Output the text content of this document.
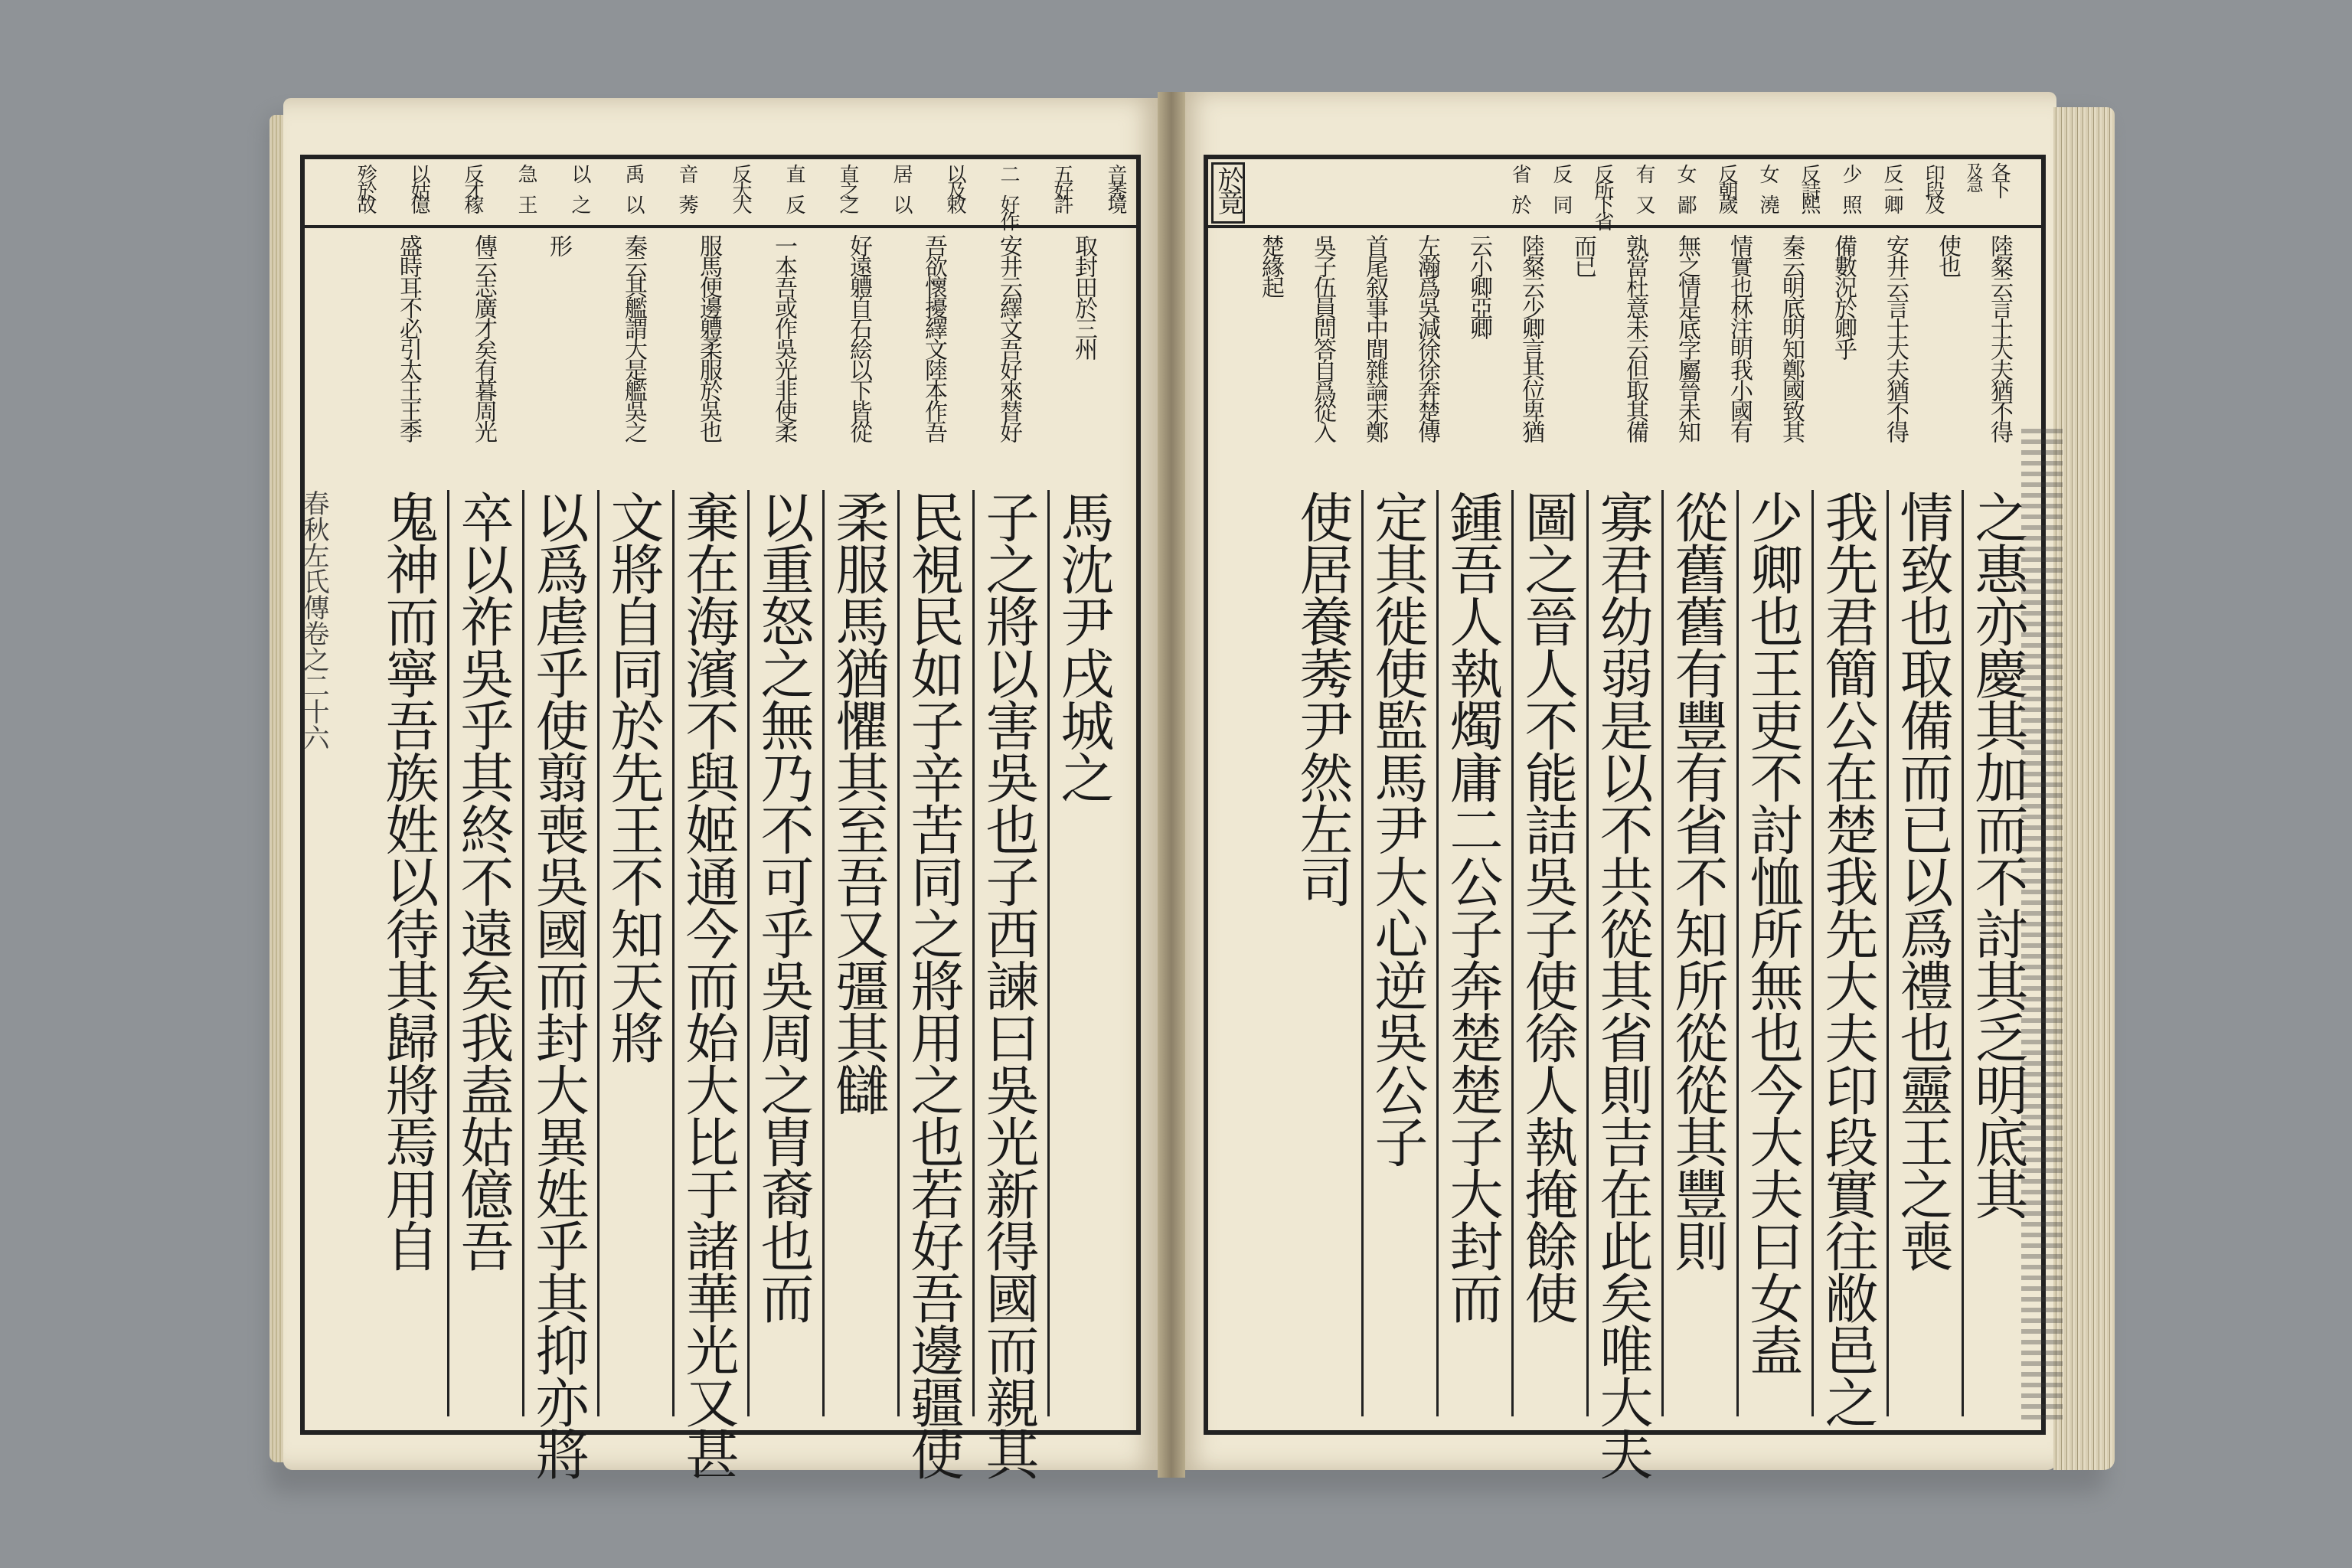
音莠
五好
二
以及
居
直之
直
反大
音
禹
以
急
反才
以姑
殄於
境
許
好作
敕
以
之
反
大
莠
以
之
王
稼
億
故
取封田於三州
安井云繹文吾好來替好
吾欲懷擾繹文陸本作吾
好遠軆自石絵以下皆從
一本吾或作吳光非使柔
服馬便邊軆柔服於吳也
秦云其艦謂大是艦吳之
形
傳云志廣才矣有暮周光
盛時耳不必引太王王季
馬沈尹戌城之
子之將以害吳也子西諫曰吳光新得國而親其
民視民如子辛苦同之將用之也若好吾邊疆使
柔服馬猶懼其至吾又彊其讎
以重怒之無乃不可乎吳周之胄裔也而
棄在海濱不與姬通今而始大比于諸華光又甚
文將自同於先王不知天將
以爲虐乎使翦喪吳國而封大異姓乎其抑亦將
卒以祚吳乎其終不遠矣我盍姑億吾
鬼神而寧吾族姓以待其歸將焉用自
春秋左氏傳卷之二十六
印段
反一
少
反詩
女
反朝
女
有
反所
反
省
及
卿
照
熙
澆
歲
鄙
又
下省
同
於
陸粲云言士大夫猶不得
使也
安井云言士大夫猶不得
備數況於卿乎
秦云明底明知鄭國致其
情實也林注明我小國有
無之情是底字屬晉未知
孰當杜意未云但取其備
而已
陸粲云少卿言其位卑猶
云小卿亞卿
左瀚爲吳減徐徐奔楚傳
首尾叙事中間雜論末鄭
吳子伍員問答自爲從入
楚緣起
之惠亦慶其加而不討其乏明底其
情致也取備而已以爲禮也靈王之喪
我先君簡公在楚我先大夫印段實往敝邑之
少卿也王吏不討恤所無也今大夫曰女盍
從舊舊有豐有省不知所從從其豐則
寡君幼弱是以不共從其省則吉在此矣唯大夫
圖之晉人不能詰吳子使徐人執掩餘使
鍾吾人執燭庸二公子奔楚楚子大封而
定其徙使監馬尹大心逆吳公子
使居養莠尹然左司
於竟	各下
及急
